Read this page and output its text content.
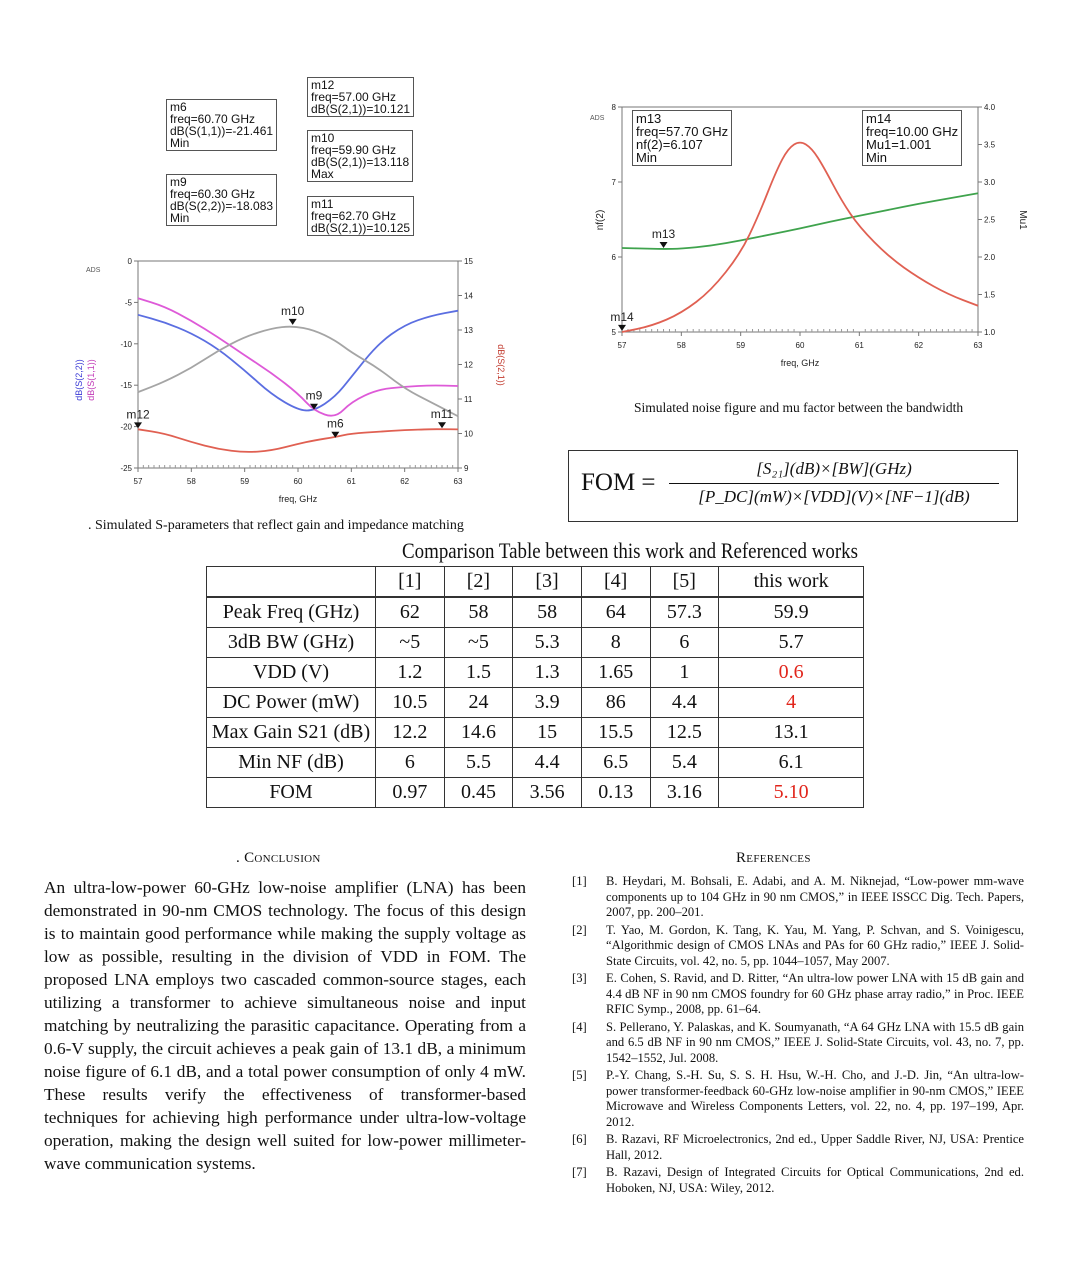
57	58	59	60	61	62	63
0
-5
-10
-15
-20
-25
15
14
13
12
11
10
9
m10
m9
m6
m11
m12
freq, GHz
ADS
dB(S(2,2)) dB(S(1,1))	dB(S(2,1))	57	58	59	60	61	62	63
8
7
6
5
4.0
3.5
3.0
2.5
2.0
1.5
1.0
m13
m14
freq, GHz
ADS
nf(2)	Mu1
m6
freq=60.70 GHz
dB(S(1,1))=-21.461
Min
m12
freq=57.00 GHz
dB(S(2,1))=10.121
m10
freq=59.90 GHz
dB(S(2,1))=13.118
Max
m9
freq=60.30 GHz
dB(S(2,2))=-18.083
Min
m11
freq=62.70 GHz
dB(S(2,1))=10.125
. Simulated S-parameters that reflect gain and impedance matching
m13
freq=57.70 GHz
nf(2)=6.107
Min
m14
freq=10.00 GHz
Mu1=1.001
Min
Simulated noise figure and mu factor between the bandwidth
FOM =
[S₂₁](dB)×[BW](GHz)
[P_DC](mW)×[VDD](V)×[NF−1](dB)
Comparison Table between this work and Referenced works
	[1]	[2]	[3]	[4]	[5]	this work
Peak Freq (GHz)	62	58	58	64	57.3	59.9
3dB BW (GHz)	~5	~5	5.3	8	6	5.7
VDD (V)	1.2	1.5	1.3	1.65	1	0.6
DC Power (mW)	10.5	24	3.9	86	4.4	4
Max Gain S21 (dB)	12.2	14.6	15	15.5	12.5	13.1
Min NF (dB)	6	5.5	4.4	6.5	5.4	6.1
FOM	0.97	0.45	3.56	0.13	3.16	5.10
. Conclusion
An ultra-low-power 60-GHz low-noise amplifier (LNA) has been demonstrated in 90-nm CMOS technology. The focus of this design is to maintain good performance while making the supply voltage as low as possible, resulting in the division of VDD in FOM. The proposed LNA employs two cascaded common-source stages, each utilizing a transformer to achieve simultaneous noise and input matching by neutralizing the parasitic capacitance. Operating from a 0.6-V supply, the circuit achieves a peak gain of 13.1 dB, a minimum noise figure of 6.1 dB, and a total power consumption of only 4 mW. These results verify the effectiveness of transformer-based techniques for achieving high performance under ultra-low-voltage operation, making the design well suited for low-power millimeter-wave communication systems.
References
[1] B. Heydari, M. Bohsali, E. Adabi, and A. M. Niknejad, “Low-power mm-wave components up to 104 GHz in 90 nm CMOS,” in IEEE ISSCC Dig. Tech. Papers, 2007, pp. 200–201.
[2] T. Yao, M. Gordon, K. Tang, K. Yau, M. Yang, P. Schvan, and S. Voinigescu, “Algorithmic design of CMOS LNAs and PAs for 60 GHz radio,” IEEE J. Solid-State Circuits, vol. 42, no. 5, pp. 1044–1057, May 2007.
[3] E. Cohen, S. Ravid, and D. Ritter, “An ultra-low power LNA with 15 dB gain and 4.4 dB NF in 90 nm CMOS foundry for 60 GHz phase array radio,” in Proc. IEEE RFIC Symp., 2008, pp. 61–64.
[4] S. Pellerano, Y. Palaskas, and K. Soumyanath, “A 64 GHz LNA with 15.5 dB gain and 6.5 dB NF in 90 nm CMOS,” IEEE J. Solid-State Circuits, vol. 43, no. 7, pp. 1542–1552, Jul. 2008.
[5] P.-Y. Chang, S.-H. Su, S. S. H. Hsu, W.-H. Cho, and J.-D. Jin, “An ultra-low-power transformer-feedback 60-GHz low-noise amplifier in 90-nm CMOS,” IEEE Microwave and Wireless Components Letters, vol. 22, no. 4, pp. 197–199, Apr. 2012.
[6] B. Razavi, RF Microelectronics, 2nd ed., Upper Saddle River, NJ, USA: Prentice Hall, 2012.
[7] B. Razavi, Design of Integrated Circuits for Optical Communications, 2nd ed. Hoboken, NJ, USA: Wiley, 2012.
